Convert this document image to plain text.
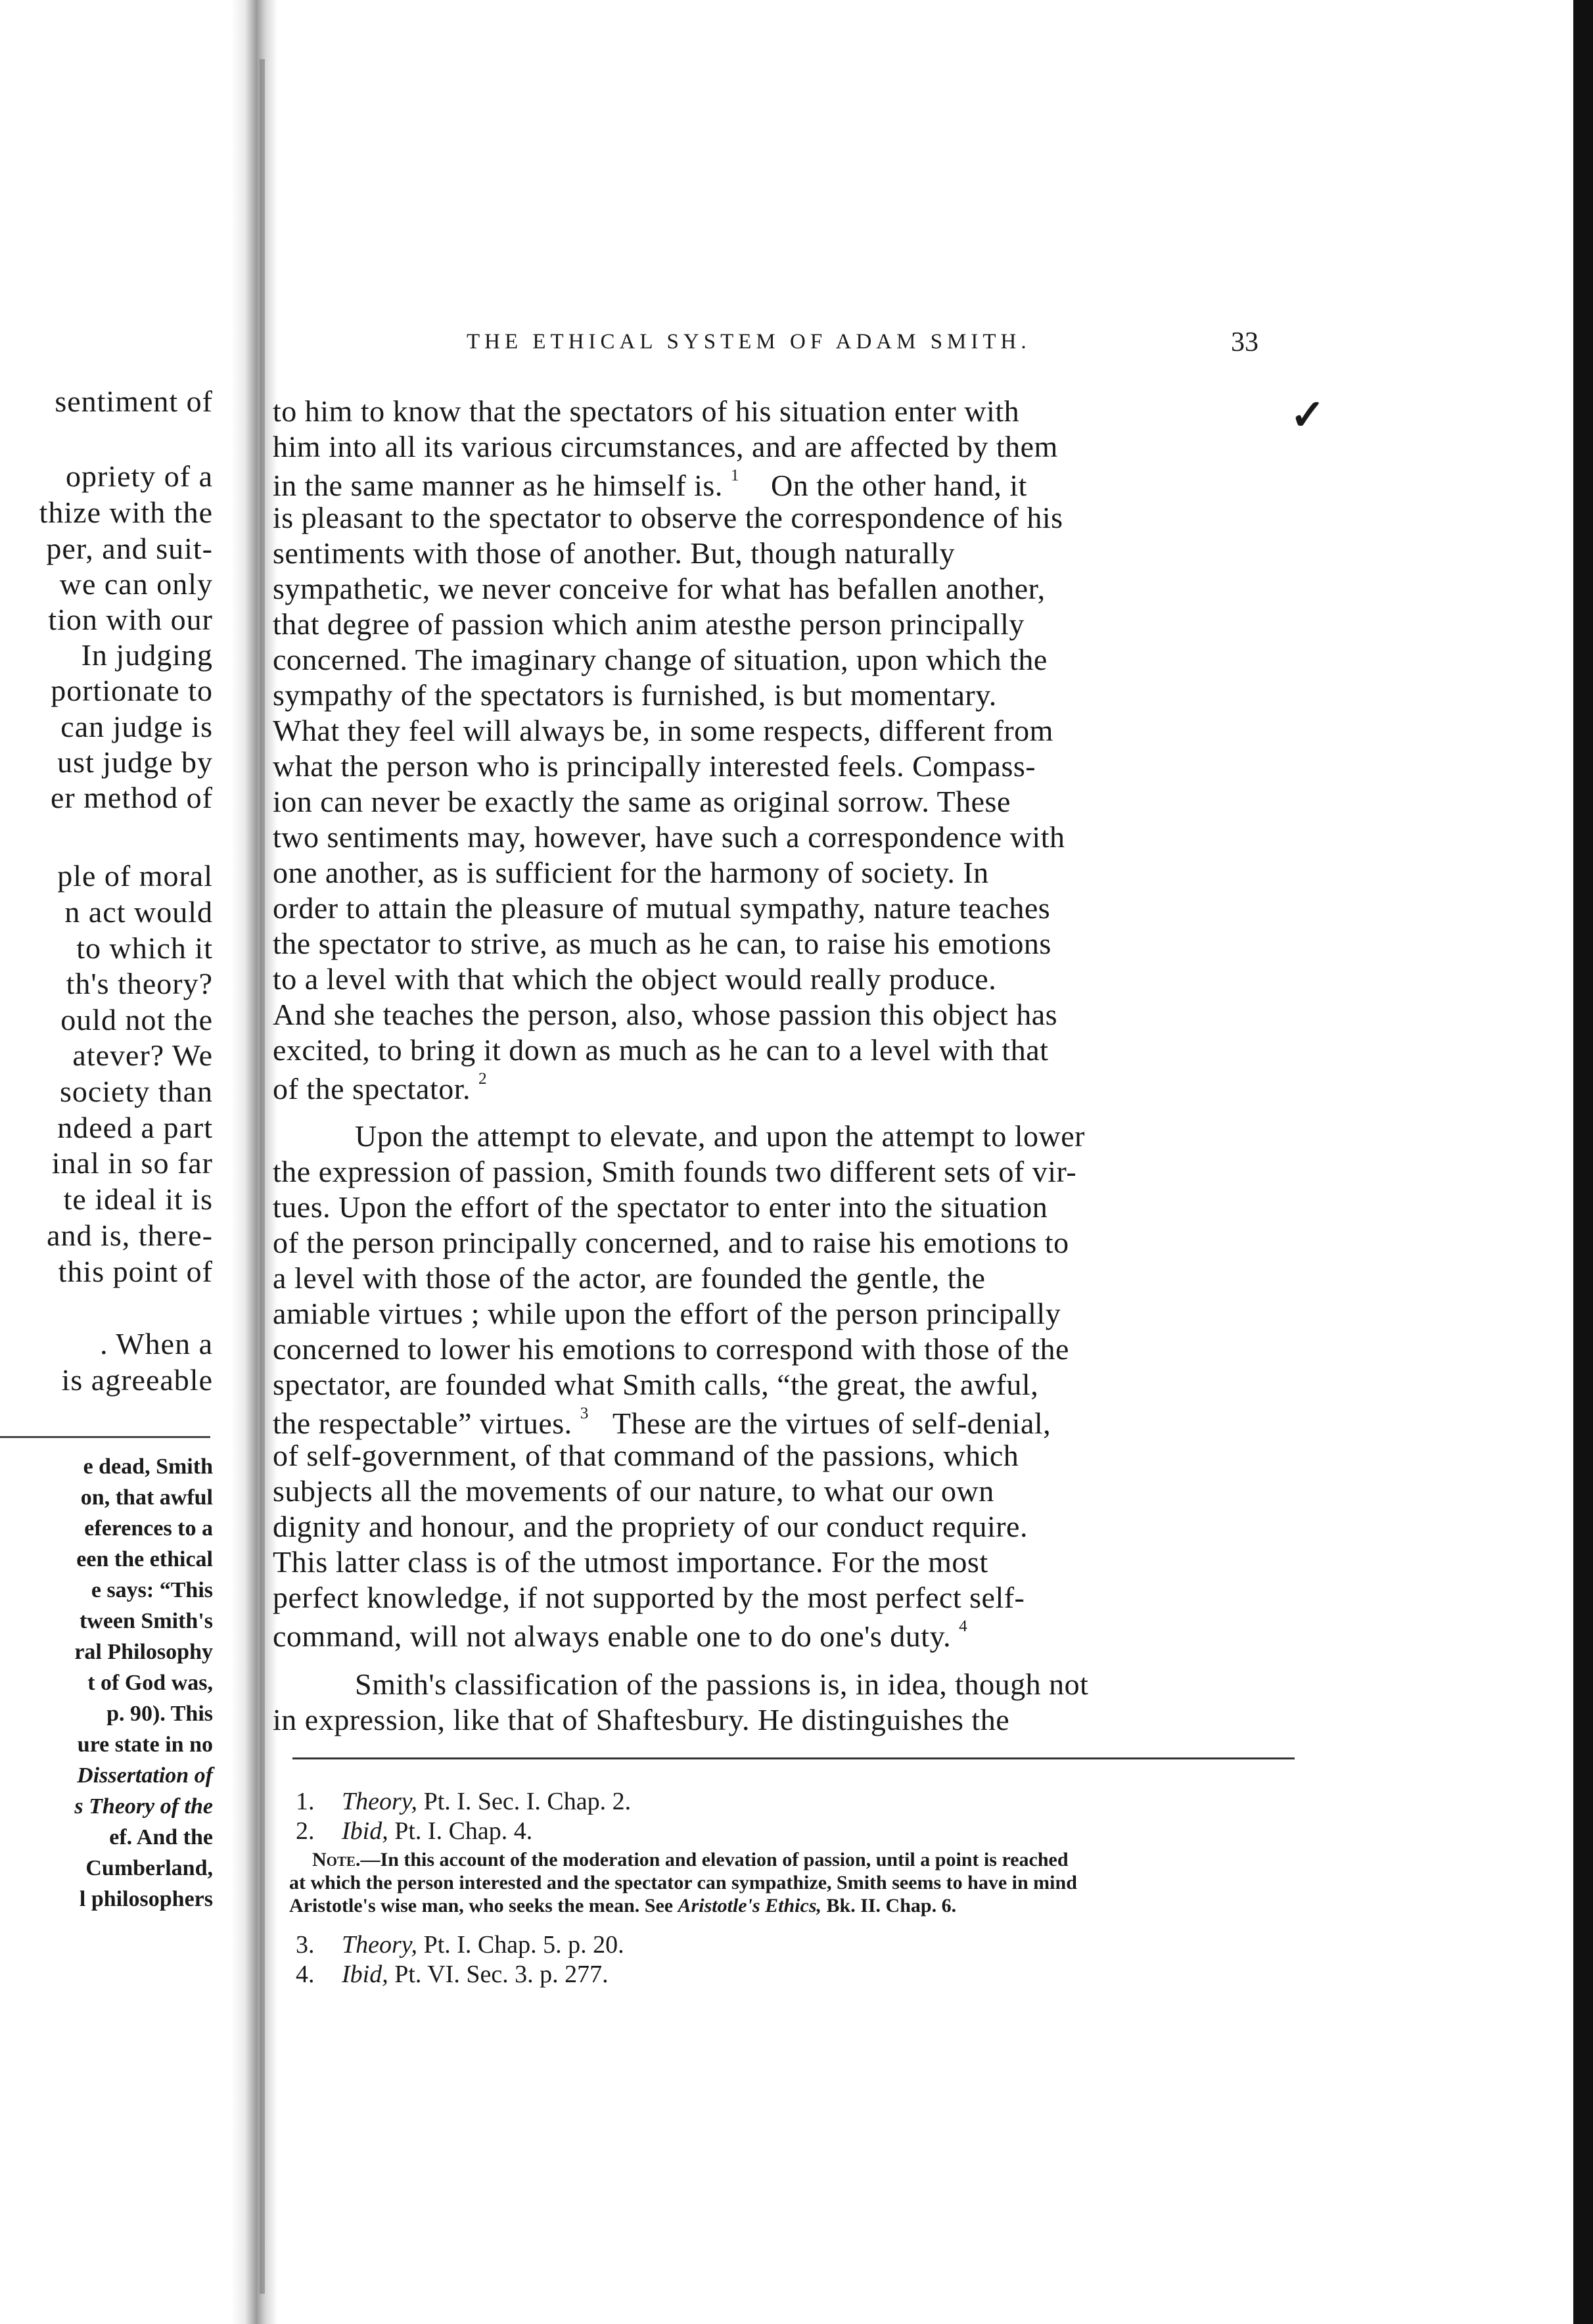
sentiment of
opriety of a
thize with the
per, and suit-
we can only
tion with our
In judging
portionate to
can judge is
ust judge by
er method of
ple of moral
n act would
to which it
th's theory?
ould not the
atever? We
society than
ndeed a part
inal in so far
te ideal it is
and is, there-
this point of
. When a
is agreeable
e dead, Smith
on, that awful
eferences to a
een the ethical
e says: “This
tween Smith's
ral Philosophy
t of God was,
p. 90). This
ure state in no
Dissertation of
s Theory of the
ef. And the
Cumberland,
l philosophers
THE ETHICAL SYSTEM OF ADAM SMITH.	33
✓
to him to know that the spectators of his situation enter with
him into all its various circumstances, and are affected by them
in the same manner as he himself is. $^1$ On the other hand, it
is pleasant to the spectator to observe the correspondence of his
sentiments with those of another. But, though naturally
sympathetic, we never conceive for what has befallen another,
that degree of passion which anim atesthe person principally
concerned. The imaginary change of situation, upon which the
sympathy of the spectators is furnished, is but momentary.
What they feel will always be, in some respects, different from
what the person who is principally interested feels. Compass-
ion can never be exactly the same as original sorrow. These
two sentiments may, however, have such a correspondence with
one another, as is sufficient for the harmony of society. In
order to attain the pleasure of mutual sympathy, nature teaches
the spectator to strive, as much as he can, to raise his emotions
to a level with that which the object would really produce.
And she teaches the person, also, whose passion this object has
excited, to bring it down as much as he can to a level with that
of the spectator. $^2$
Upon the attempt to elevate, and upon the attempt to lower
the expression of passion, Smith founds two different sets of vir-
tues. Upon the effort of the spectator to enter into the situation
of the person principally concerned, and to raise his emotions to
a level with those of the actor, are founded the gentle, the
amiable virtues ; while upon the effort of the person principally
concerned to lower his emotions to correspond with those of the
spectator, are founded what Smith calls, “the great, the awful,
the respectable” virtues. $^3$ These are the virtues of self-denial,
of self-government, of that command of the passions, which
subjects all the movements of our nature, to what our own
dignity and honour, and the propriety of our conduct require.
This latter class is of the utmost importance. For the most
perfect knowledge, if not supported by the most perfect self-
command, will not always enable one to do one's duty. $^4$
Smith's classification of the passions is, in idea, though not
in expression, like that of Shaftesbury. He distinguishes the
1. Theory, Pt. I. Sec. I. Chap. 2.
2. Ibid, Pt. I. Chap. 4.
Note.—In this account of the moderation and elevation of passion, until a point is reached
at which the person interested and the spectator can sympathize, Smith seems to have in mind
Aristotle's wise man, who seeks the mean. See Aristotle's Ethics, Bk. II. Chap. 6.
3. Theory, Pt. I. Chap. 5. p. 20.
4. Ibid, Pt. VI. Sec. 3. p. 277.
